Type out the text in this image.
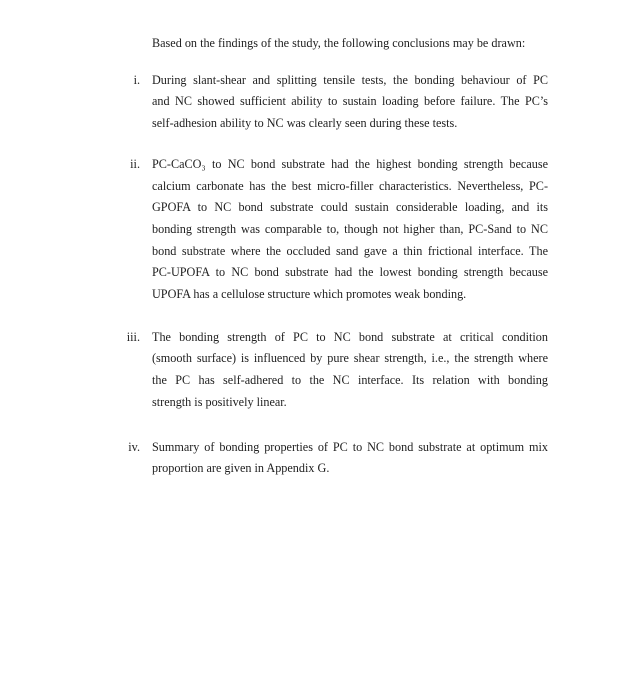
Based on the findings of the study, the following conclusions may be drawn:

i. During slant-shear and splitting tensile tests, the bonding behaviour of PC
and NC showed sufficient ability to sustain loading before failure. The PC’s
self-adhesion ability to NC was clearly seen during these tests.
ii. PC-CaCO₃ to NC bond substrate had the highest bonding strength because
calcium carbonate has the best micro-filler characteristics. Nevertheless, PC-
GPOFA to NC bond substrate could sustain considerable loading, and its
bonding strength was comparable to, though not higher than, PC-Sand to NC
bond substrate where the occluded sand gave a thin frictional interface. The
PC-UPOFA to NC bond substrate had the lowest bonding strength because
UPOFA has a cellulose structure which promotes weak bonding.
iii. The bonding strength of PC to NC bond substrate at critical condition
(smooth surface) is influenced by pure shear strength, i.e., the strength where
the PC has self-adhered to the NC interface. Its relation with bonding
strength is positively linear.
iv. Summary of bonding properties of PC to NC bond substrate at optimum mix
proportion are given in Appendix G.
